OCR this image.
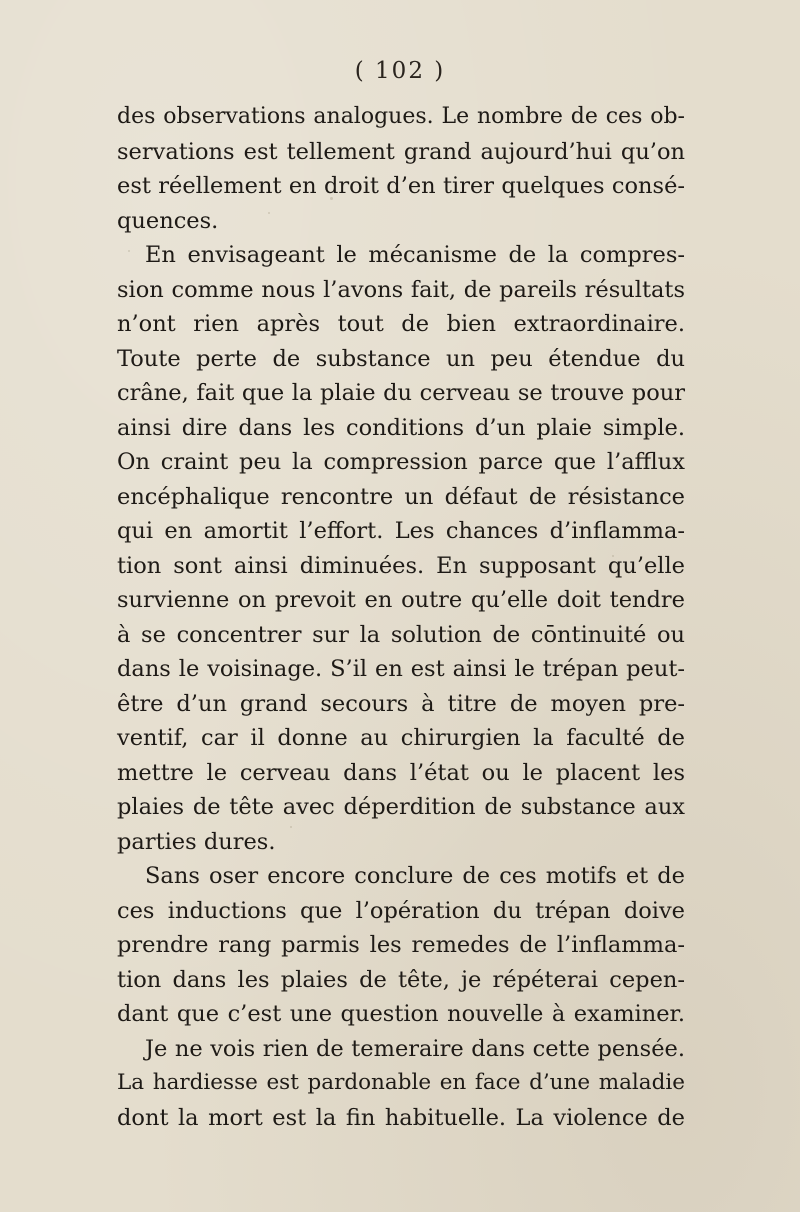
( 102 )
des observations analogues. Le nombre de ces ob-
servations est tellement grand aujourd’hui qu’on
est réellement en droit d’en tirer quelques consé-
quences.
En envisageant le mécanisme de la compres-
sion comme nous l’avons fait, de pareils résultats
n’ont rien après tout de bien extraordinaire.
Toute perte de substance un peu étendue du
crâne, fait que la plaie du cerveau se trouve pour
ainsi dire dans les conditions d’un plaie simple.
On craint peu la compression parce que l’afflux
encéphalique rencontre un défaut de résistance
qui en amortit l’effort. Les chances d’inflamma-
tion sont ainsi diminuées. En supposant qu’elle
survienne on prevoit en outre qu’elle doit tendre
à se concentrer sur la solution de cōntinuité ou
dans le voisinage. S’il en est ainsi le trépan peut-
être d’un grand secours à titre de moyen pre-
ventif, car il donne au chirurgien la faculté de
mettre le cerveau dans l’état ou le placent les
plaies de tête avec déperdition de substance aux
parties dures.
Sans oser encore conclure de ces motifs et de
ces inductions que l’opération du trépan doive
prendre rang parmis les remedes de l’inflamma-
tion dans les plaies de tête, je répéterai cepen-
dant que c’est une question nouvelle à examiner.
Je ne vois rien de temeraire dans cette pensée.
La hardiesse est pardonable en face d’une maladie
dont la mort est la fin habituelle. La violence de
